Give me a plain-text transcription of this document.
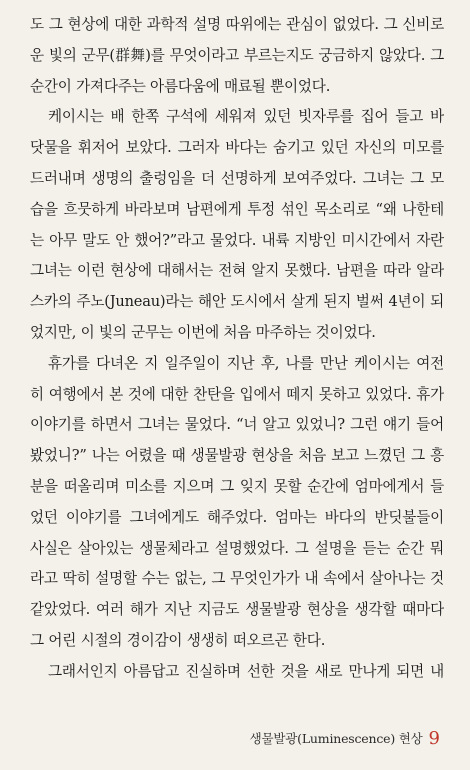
도 그 현상에 대한 과학적 설명 따위에는 관심이 없었다. 그 신비로
운 빛의 군무(群舞)를 무엇이라고 부르는지도 궁금하지 않았다. 그
순간이 가져다주는 아름다움에 매료될 뿐이었다.
케이시는 배 한쪽 구석에 세워져 있던 빗자루를 집어 들고 바
닷물을 휘저어 보았다. 그러자 바다는 숨기고 있던 자신의 미모를
드러내며 생명의 출렁임을 더 선명하게 보여주었다. 그녀는 그 모
습을 흐뭇하게 바라보며 남편에게 투정 섞인 목소리로 “왜 나한테
는 아무 말도 안 했어?”라고 물었다. 내륙 지방인 미시간에서 자란
그녀는 이런 현상에 대해서는 전혀 알지 못했다. 남편을 따라 알라
스카의 주노(Juneau)라는 해안 도시에서 살게 된지 벌써 4년이 되
었지만, 이 빛의 군무는 이번에 처음 마주하는 것이었다.
휴가를 다녀온 지 일주일이 지난 후, 나를 만난 케이시는 여전
히 여행에서 본 것에 대한 찬탄을 입에서 떼지 못하고 있었다. 휴가
이야기를 하면서 그녀는 물었다. “너 알고 있었니? 그런 얘기 들어
봤었니?” 나는 어렸을 때 생물발광 현상을 처음 보고 느꼈던 그 흥
분을 떠올리며 미소를 지으며 그 잊지 못할 순간에 엄마에게서 들
었던 이야기를 그녀에게도 해주었다. 엄마는 바다의 반딧불들이
사실은 살아있는 생물체라고 설명했었다. 그 설명을 듣는 순간 뭐
라고 딱히 설명할 수는 없는, 그 무엇인가가 내 속에서 살아나는 것
같았었다. 여러 해가 지난 지금도 생물발광 현상을 생각할 때마다
그 어린 시절의 경이감이 생생히 떠오르곤 한다.
그래서인지 아름답고 진실하며 선한 것을 새로 만나게 되면 내
생물발광(Luminescence) 현상 9
